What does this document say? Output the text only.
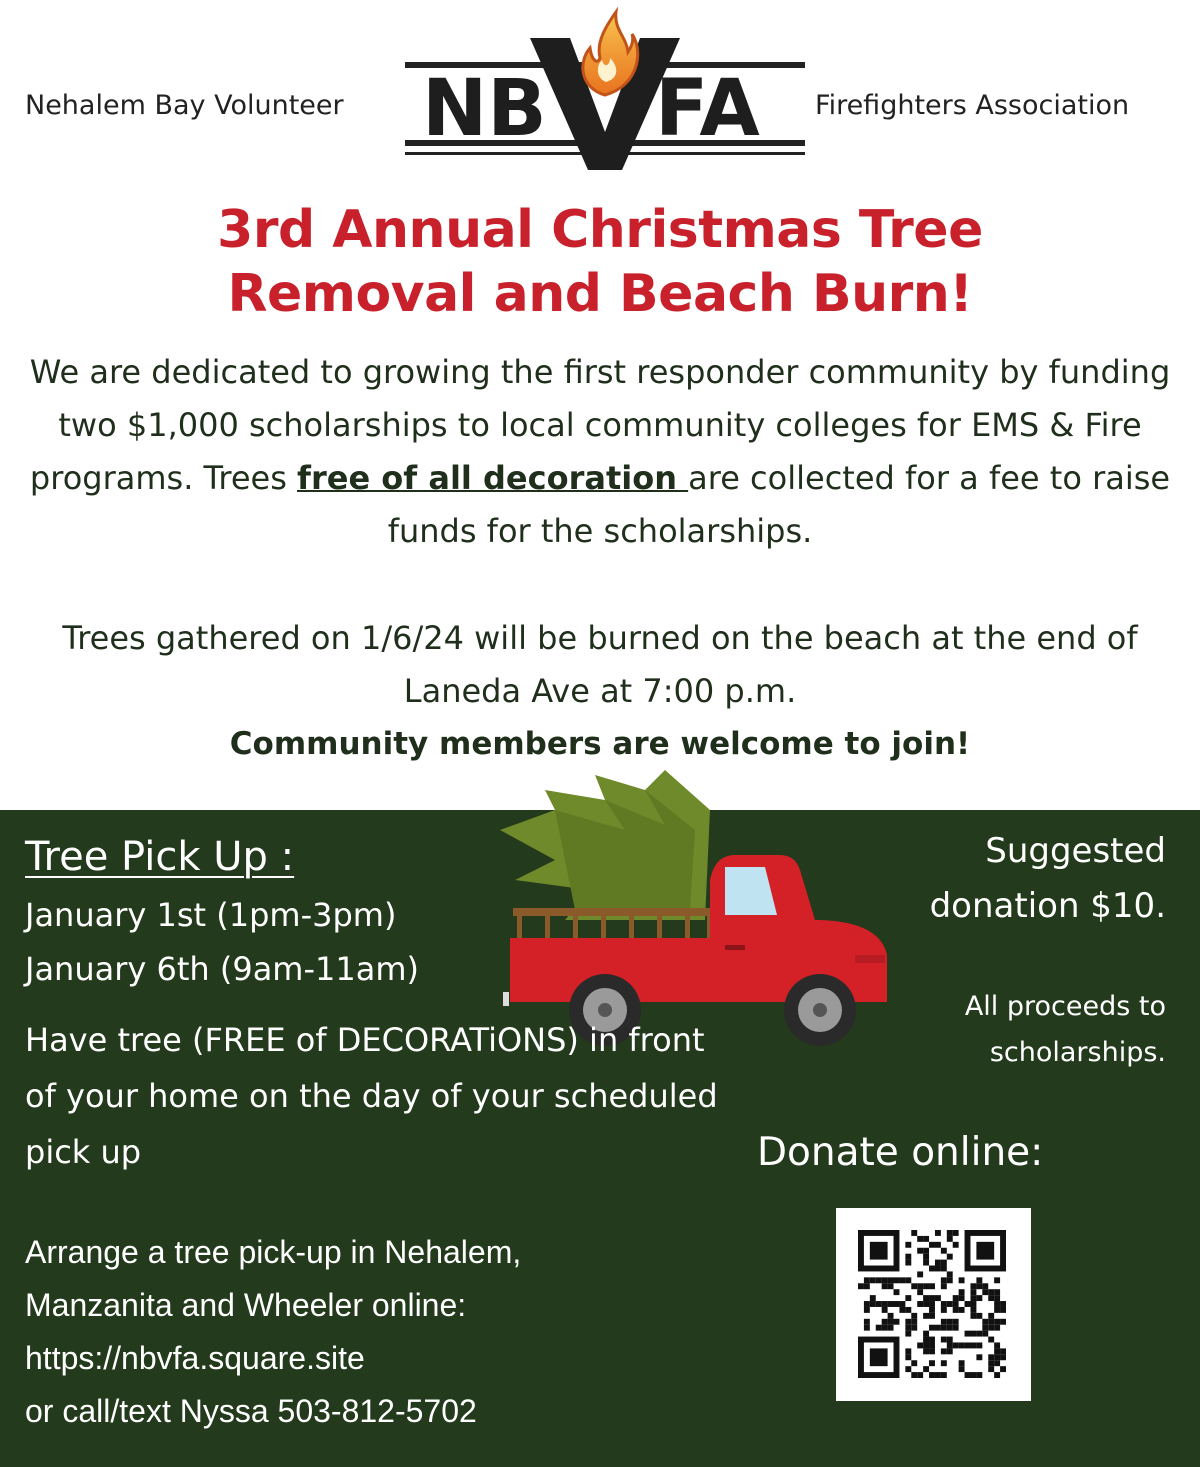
Nehalem Bay Volunteer NB FA Firefighters Association
3rd Annual Christmas Tree
Removal and Beach Burn!
We are dedicated to growing the first responder community by funding two $1,000 scholarships to local community colleges for EMS & Fire programs. Trees free of all decoration are collected for a fee to raise funds for the scholarships.
Trees gathered on 1/6/24 will be burned on the beach at the end of Laneda Ave at 7:00 p.m.
Community members are welcome to join!
Tree Pick Up :
January 1st (1pm-3pm)
January 6th (9am-11am)
Have tree (FREE of DECORATiONS) in front of your home on the day of your scheduled pick up
Arrange a tree pick-up in Nehalem,
Manzanita and Wheeler online:
https://nbvfa.square.site
or call/text Nyssa 503-812-5702
Suggested
donation $10.
All proceeds to
scholarships.
Donate online:
